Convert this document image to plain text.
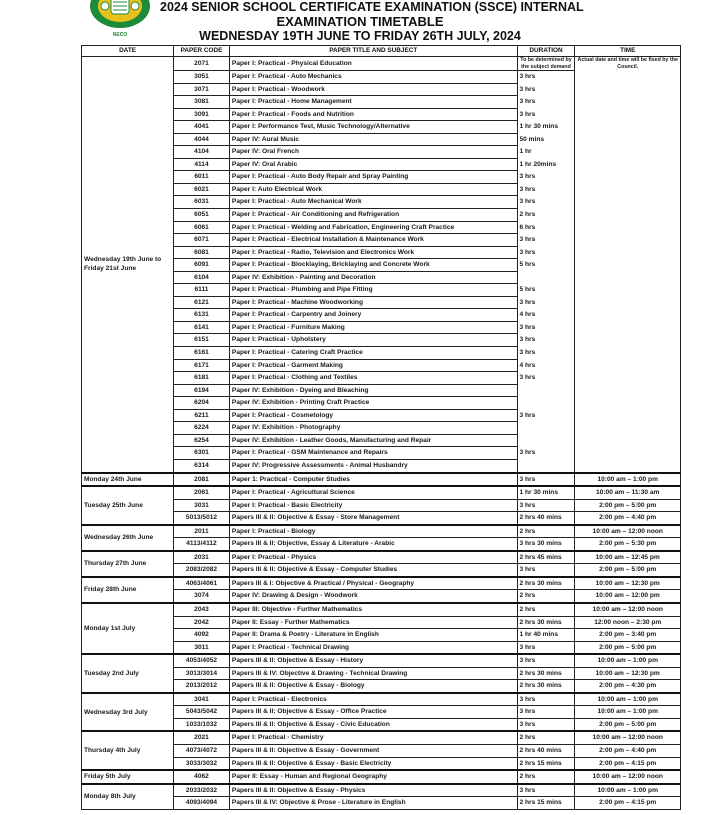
NECO
2024 SENIOR SCHOOL CERTIFICATE EXAMINATION (SSCE) INTERNAL
EXAMINATION TIMETABLE
WEDNESDAY 19TH JUNE TO FRIDAY 26TH JULY, 2024
DATE	PAPER CODE	PAPER TITLE AND SUBJECT	DURATION	TIME
Wednesday 19th June to Friday 21st June	2071	Paper I: Practical - Physical Education	To be determined by the subject demand	Actual date and time will be fixed by the Council.
	3051	Paper I: Practical - Auto Mechanics	3 hrs	
	3071	Paper I: Practical - Woodwork	3 hrs	
	3081	Paper I: Practical - Home Management	3 hrs	
	3091	Paper I: Practical - Foods and Nutrition	3 hrs	
	4041	Paper I: Performance Test, Music Technology/Alternative	1 hr 30 mins	
	4044	Paper IV: Aural Music	50 mins	
	4104	Paper IV: Oral French	1 hr	
	4114	Paper IV: Oral Arabic	1 hr 20mins	
	6011	Paper I: Practical - Auto Body Repair and Spray Painting	3 hrs	
	6021	Paper I: Auto Electrical Work	3 hrs	
	6031	Paper I: Practical - Auto Mechanical Work	3 hrs	
	6051	Paper I: Practical - Air Conditioning and Refrigeration	2 hrs	
	6061	Paper I: Practical - Welding and Fabrication, Engineering Craft Practice	6 hrs	
	6071	Paper I: Practical - Electrical Installation & Maintenance Work	3 hrs	
	6081	Paper I: Practical - Radio, Television and Electronics Work	3 hrs	
	6091	Paper I: Practical - Blocklaying, Bricklaying and Concrete Work	5 hrs	
	6104	Paper IV: Exhibition - Painting and Decoration		
	6111	Paper I: Practical - Plumbing and Pipe Fitting	5 hrs	
	6121	Paper I: Practical - Machine Woodworking	3 hrs	
	6131	Paper I: Practical - Carpentry and Joinery	4 hrs	
	6141	Paper I: Practical - Furniture Making	3 hrs	
	6151	Paper I: Practical - Upholstery	3 hrs	
	6161	Paper I: Practical - Catering Craft Practice	3 hrs	
	6171	Paper I: Practical - Garment Making	4 hrs	
	6181	Paper I: Practical - Clothing and Textiles	3 hrs	
	6194	Paper IV: Exhibition - Dyeing and Bleaching		
	6204	Paper IV: Exhibition - Printing Craft Practice		
	6211	Paper I: Practical - Cosmetology	3 hrs	
	6224	Paper IV: Exhibition - Photography		
	6254	Paper IV: Exhibition - Leather Goods, Manufacturing and Repair		
	6301	Paper I: Practical - GSM Maintenance and Repairs	3 hrs	
	6314	Paper IV: Progressive Assessments - Animal Husbandry		
Monday 24th June	2081	Paper 1: Practical - Computer Studies	3 hrs	10:00 am – 1:00 pm
Tuesday 25th June	2061	Paper I: Practical - Agricultural Science	1 hr 30 mins	10:00 am – 11:30 am
	3031	Paper I: Practical - Basic Electricity	3 hrs	2:00 pm – 5:00 pm
	5013/5012	Papers III & II: Objective & Essay - Store Management	2 hrs 40 mins	2:00 pm – 4:40 pm
Wednesday 26th June	2011	Paper I: Practical - Biology	2 hrs	10:00 am – 12:00 noon
	4113/4112	Papers III & II: Objective, Essay & Literature - Arabic	3 hrs 30 mins	2:00 pm – 5:30 pm
Thursday 27th June	2031	Paper I: Practical - Physics	2 hrs 45 mins	10:00 am – 12:45 pm
	2083/2082	Papers III & II: Objective & Essay - Computer Studies	3 hrs	2:00 pm – 5:00 pm
Friday 28th June	4063/4061	Papers III & I: Objective & Practical / Physical - Geography	2 hrs 30 mins	10:00 am – 12:30 pm
	3074	Paper IV: Drawing & Design - Woodwork	2 hrs	10:00 am – 12:00 pm
Monday 1st July	2043	Paper III: Objective - Further Mathematics	2 hrs	10:00 am – 12:00 noon
	2042	Paper II: Essay - Further Mathematics	2 hrs 30 mins	12:00 noon – 2:30 pm
	4092	Paper II: Drama & Poetry - Literature in English	1 hr 40 mins	2:00 pm – 3:40 pm
	3011	Paper I: Practical - Technical Drawing	3 hrs	2:00 pm – 5:00 pm
Tuesday 2nd July	4053/4052	Papers III & II: Objective & Essay - History	3 hrs	10:00 am – 1:00 pm
	3013/3014	Papers III & IV: Objective & Drawing - Technical Drawing	2 hrs 30 mins	10:00 am – 12:30 pm
	2013/2012	Papers III & II: Objective & Essay - Biology	2 hrs 30 mins	2:00 pm – 4:30 pm
Wednesday 3rd July	3041	Paper I: Practical - Electronics	3 hrs	10:00 am – 1:00 pm
	5043/5042	Papers III & II: Objective & Essay - Office Practice	3 hrs	10:00 am – 1:00 pm
	1033/1032	Papers III & II: Objective & Essay - Civic Education	3 hrs	2:00 pm – 5:00 pm
Thursday 4th July	2021	Paper I: Practical - Chemistry	2 hrs	10:00 am – 12:00 noon
	4073/4072	Papers III & II: Objective & Essay - Government	2 hrs 40 mins	2:00 pm – 4:40 pm
	3033/3032	Papers III & II: Objective & Essay - Basic Electricity	2 hrs 15 mins	2:00 pm – 4:15 pm
Friday 5th July	4062	Paper II: Essay - Human and Regional Geography	2 hrs	10:00 am – 12:00 noon
Monday 8th July	2033/2032	Papers III & II: Objective & Essay - Physics	3 hrs	10:00 am – 1:00 pm
	4093/4094	Papers III & IV: Objective & Prose - Literature in English	2 hrs 15 mins	2:00 pm – 4:15 pm
